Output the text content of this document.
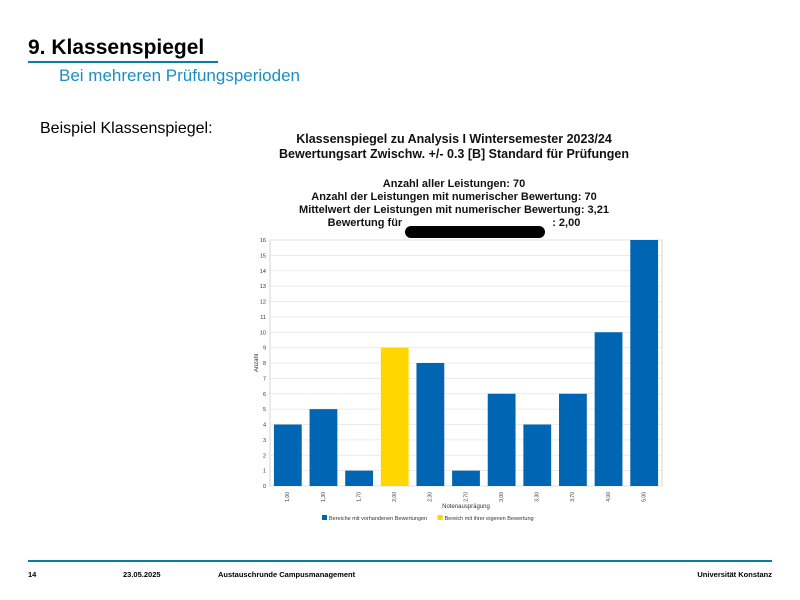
9. Klassenspiegel
Bei mehreren Prüfungsperioden
Beispiel Klassenspiegel:
Klassenspiegel zu Analysis I Wintersemester 2023/24
Bewertungsart Zwischw. +/- 0.3 [B] Standard für Prüfungen
Anzahl aller Leistungen: 70
Anzahl der Leistungen mit numerischer Bewertung: 70
Mittelwert der Leistungen mit numerischer Bewertung: 3,21
Bewertung für	: 2,00
0
1
2
3
4
5
6
7
8
9
10
11
12
13
14
15
16
Anzahl
1,00	1,30	1,70	2,00	2,30	2,70	3,00	3,30	3,70	4,00	5,00
Notenausprägung
Bereiche mit vorhandenen Bewertungen	Bereich mit ihrer eigenen Bewertung
14	23.05.2025	Austauschrunde Campusmanagement	Universität Konstanz
